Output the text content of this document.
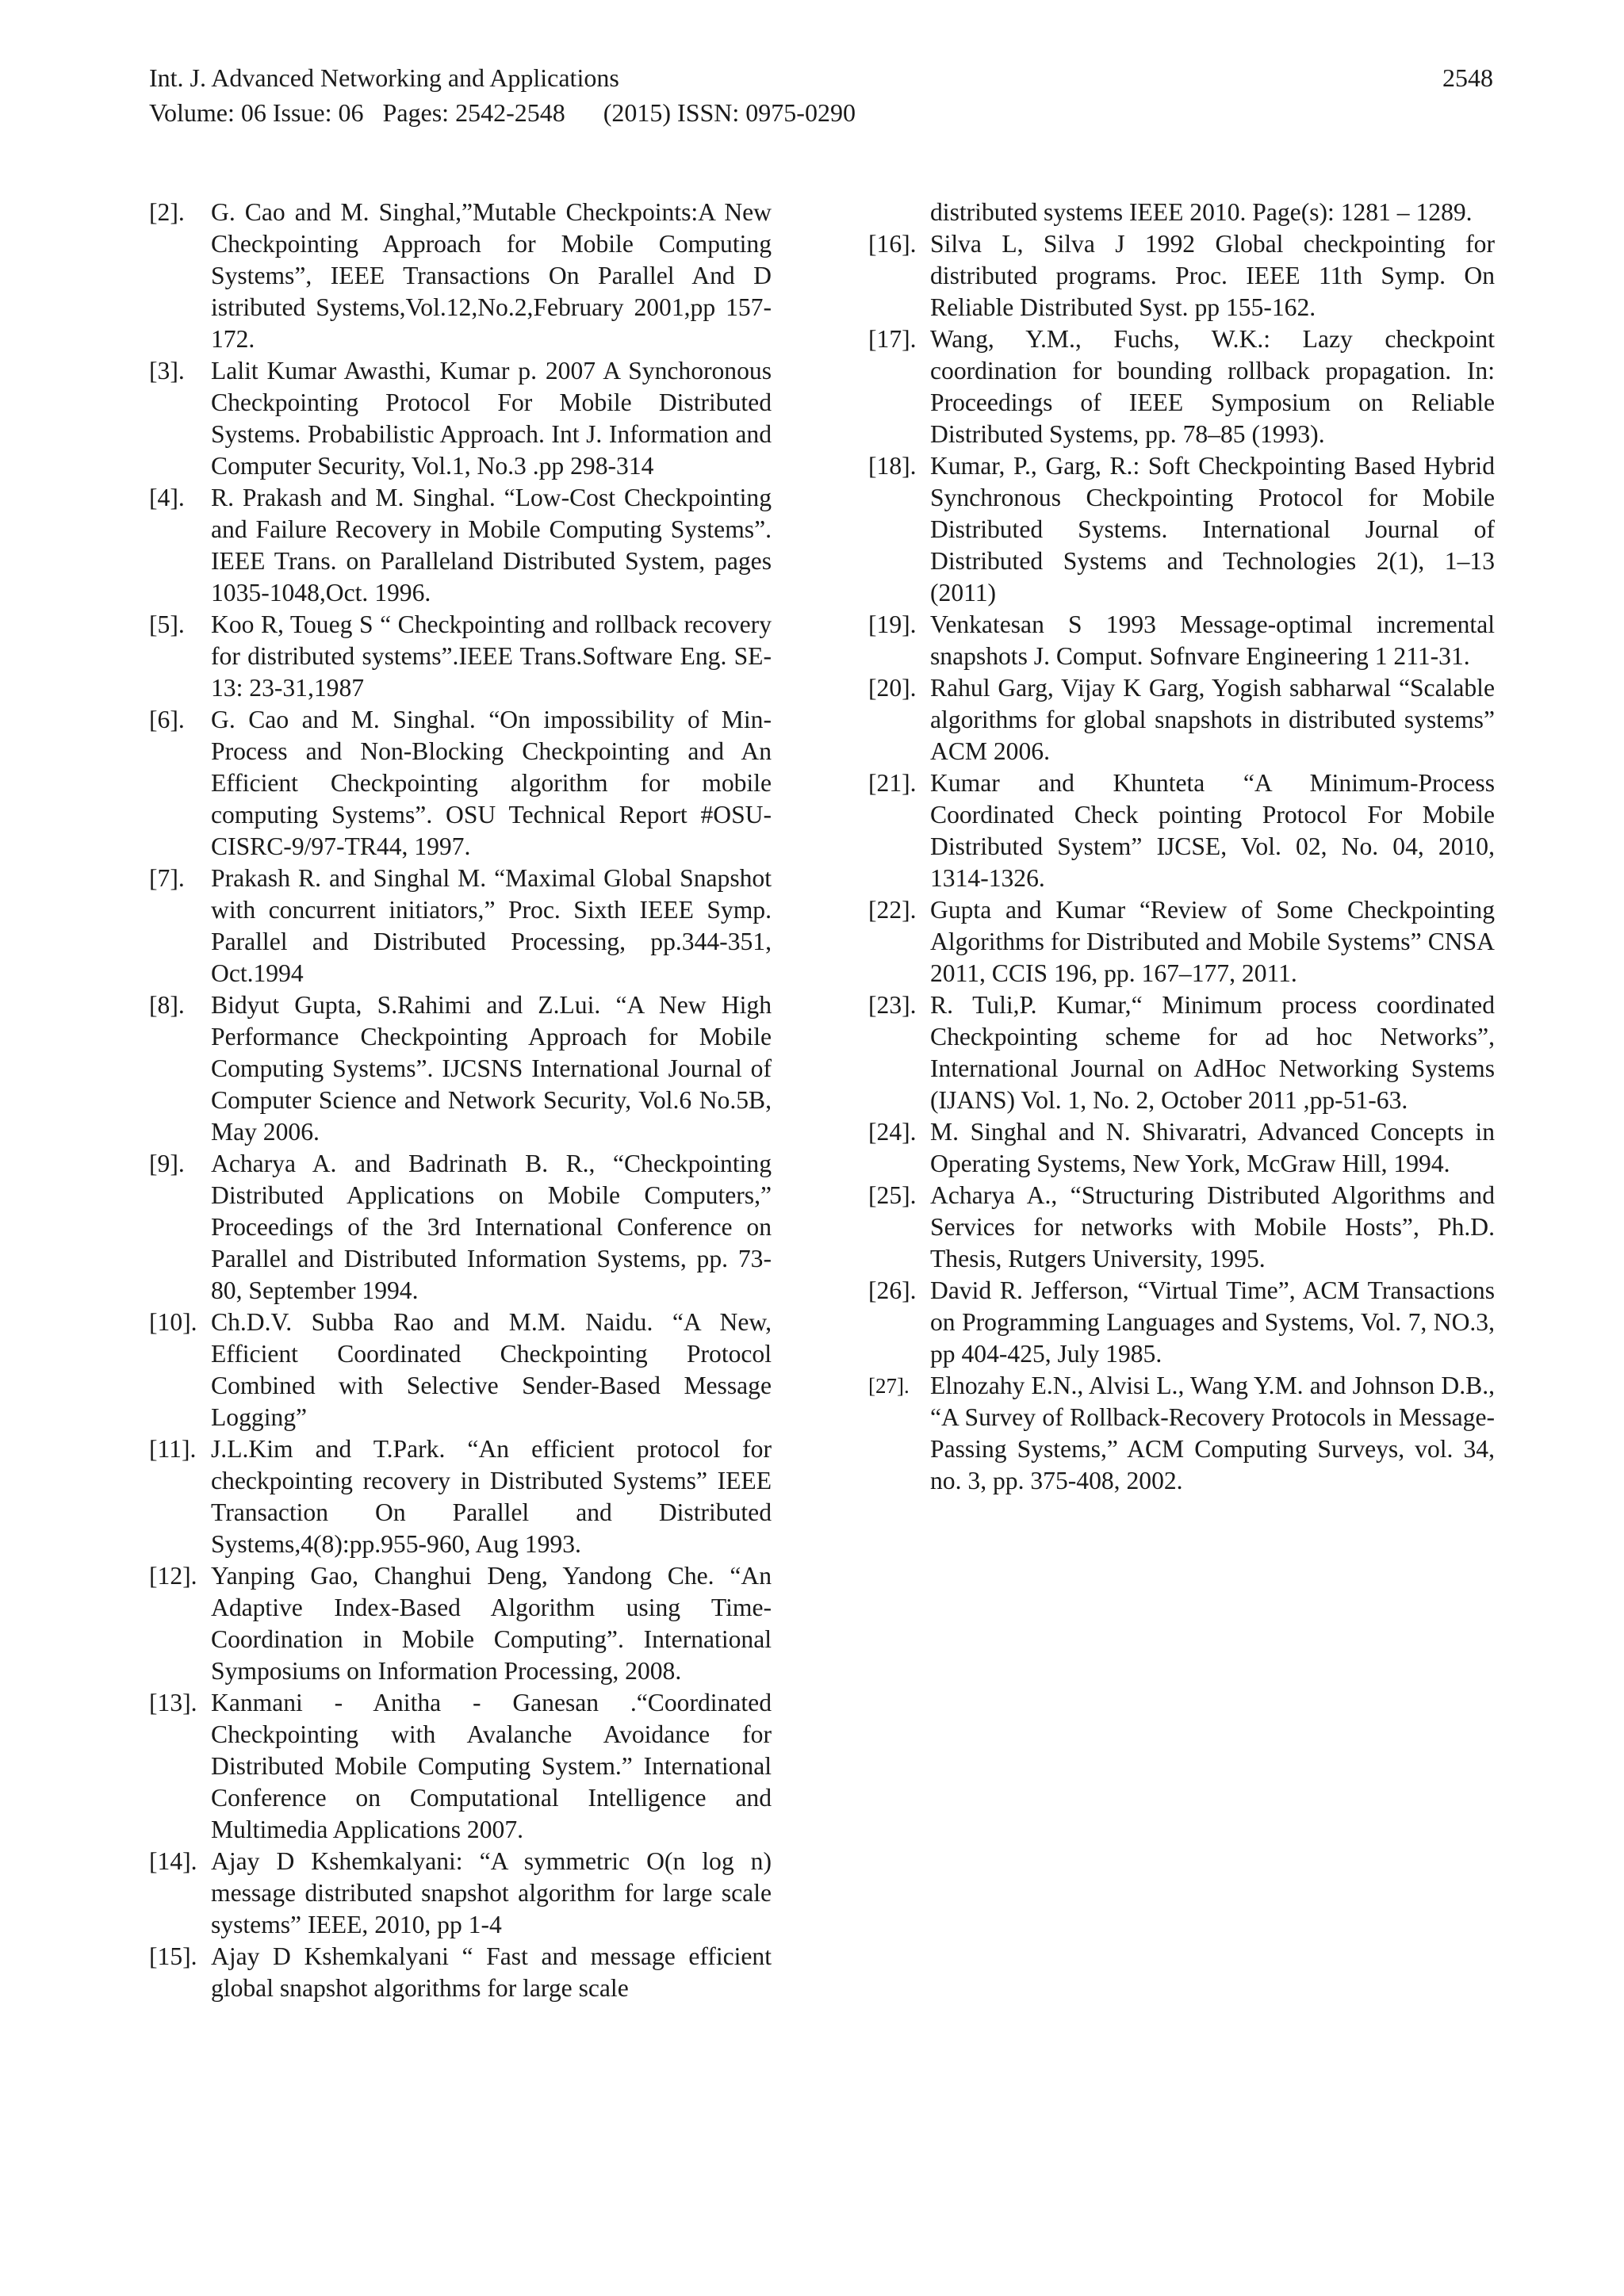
Int. J. Advanced Networking and Applications	2548
Volume: 06 Issue: 06   Pages: 2542-2548      (2015) ISSN: 0975-0290
[2]. G. Cao and M. Singhal,”Mutable Checkpoints:A New Checkpointing Approach for Mobile Computing Systems”, IEEE Transactions On Parallel And D istributed Systems,Vol.12,No.2,February 2001,pp 157-172.
[3]. Lalit Kumar Awasthi, Kumar p. 2007 A Synchoronous Checkpointing Protocol For Mobile Distributed Systems. Probabilistic Approach. Int J. Information and Computer Security, Vol.1, No.3 .pp 298-314
[4]. R. Prakash and M. Singhal. “Low-Cost Checkpointing and Failure Recovery in Mobile Computing Systems”. IEEE Trans. on Paralleland Distributed System, pages 1035-1048,Oct. 1996.
[5]. Koo R, Toueg S “ Checkpointing and rollback recovery for distributed systems”.IEEE Trans.Software Eng. SE-13: 23-31,1987
[6]. G. Cao and M. Singhal. “On impossibility of Min-Process and Non-Blocking Checkpointing and An Efficient Checkpointing algorithm for mobile computing Systems”. OSU Technical Report #OSU-CISRC-9/97-TR44, 1997.
[7]. Prakash R. and Singhal M. “Maximal Global Snapshot with concurrent initiators,” Proc. Sixth IEEE Symp. Parallel and Distributed Processing, pp.344-351, Oct.1994
[8]. Bidyut Gupta, S.Rahimi and Z.Lui. “A New High Performance Checkpointing Approach for Mobile Computing Systems”. IJCSNS International Journal of Computer Science and Network Security, Vol.6 No.5B, May 2006.
[9]. Acharya A. and Badrinath B. R., “Checkpointing Distributed Applications on Mobile Computers,” Proceedings of the 3rd International Conference on Parallel and Distributed Information Systems, pp. 73-80, September 1994.
[10]. Ch.D.V. Subba Rao and M.M. Naidu. “A New, Efficient Coordinated Checkpointing Protocol Combined with Selective Sender-Based Message Logging”
[11]. J.L.Kim and T.Park. “An efficient protocol for checkpointing recovery in Distributed Systems” IEEE Transaction On Parallel and Distributed Systems,4(8):pp.955-960, Aug 1993.
[12]. Yanping Gao, Changhui Deng, Yandong Che. “An Adaptive Index-Based Algorithm using Time-Coordination in Mobile Computing”. International Symposiums on Information Processing, 2008.
[13]. Kanmani - Anitha - Ganesan .“Coordinated Checkpointing with Avalanche Avoidance for Distributed Mobile Computing System.” International Conference on Computational Intelligence and Multimedia Applications 2007.
[14]. Ajay D Kshemkalyani: “A symmetric O(n log n) message distributed snapshot algorithm for large scale systems” IEEE, 2010, pp 1-4
[15]. Ajay D Kshemkalyani “ Fast and message efficient global snapshot algorithms for large scale
distributed systems IEEE 2010. Page(s): 1281 – 1289.
[16]. Silva L, Silva J 1992 Global checkpointing for distributed programs. Proc. IEEE 11th Symp. On Reliable Distributed Syst. pp 155-162.
[17]. Wang, Y.M., Fuchs, W.K.: Lazy checkpoint coordination for bounding rollback propagation. In: Proceedings of IEEE Symposium on Reliable Distributed Systems, pp. 78–85 (1993).
[18]. Kumar, P., Garg, R.: Soft Checkpointing Based Hybrid Synchronous Checkpointing Protocol for Mobile Distributed Systems. International Journal of Distributed Systems and Technologies 2(1), 1–13 (2011)
[19]. Venkatesan S 1993 Message-optimal incremental snapshots J. Comput. Sofnvare Engineering 1 211-31.
[20]. Rahul Garg, Vijay K Garg, Yogish sabharwal “Scalable algorithms for global snapshots in distributed systems” ACM 2006.
[21]. Kumar and Khunteta “A Minimum-Process Coordinated Check pointing Protocol For Mobile Distributed System” IJCSE, Vol. 02, No. 04, 2010, 1314-1326.
[22]. Gupta and Kumar “Review of Some Checkpointing Algorithms for Distributed and Mobile Systems” CNSA 2011, CCIS 196, pp. 167–177, 2011.
[23]. R. Tuli,P. Kumar,“ Minimum process coordinated Checkpointing scheme for ad hoc Networks”, International Journal on AdHoc Networking Systems (IJANS) Vol. 1, No. 2, October 2011 ,pp-51-63.
[24]. M. Singhal and N. Shivaratri, Advanced Concepts in Operating Systems, New York, McGraw Hill, 1994.
[25]. Acharya A., “Structuring Distributed Algorithms and Services for networks with Mobile Hosts”, Ph.D. Thesis, Rutgers University, 1995.
[26]. David R. Jefferson, “Virtual Time”, ACM Transactions on Programming Languages and Systems, Vol. 7, NO.3, pp 404-425, July 1985.
[27]. Elnozahy E.N., Alvisi L., Wang Y.M. and Johnson D.B., “A Survey of Rollback-Recovery Protocols in Message-Passing Systems,” ACM Computing Surveys, vol. 34, no. 3, pp. 375-408, 2002.
